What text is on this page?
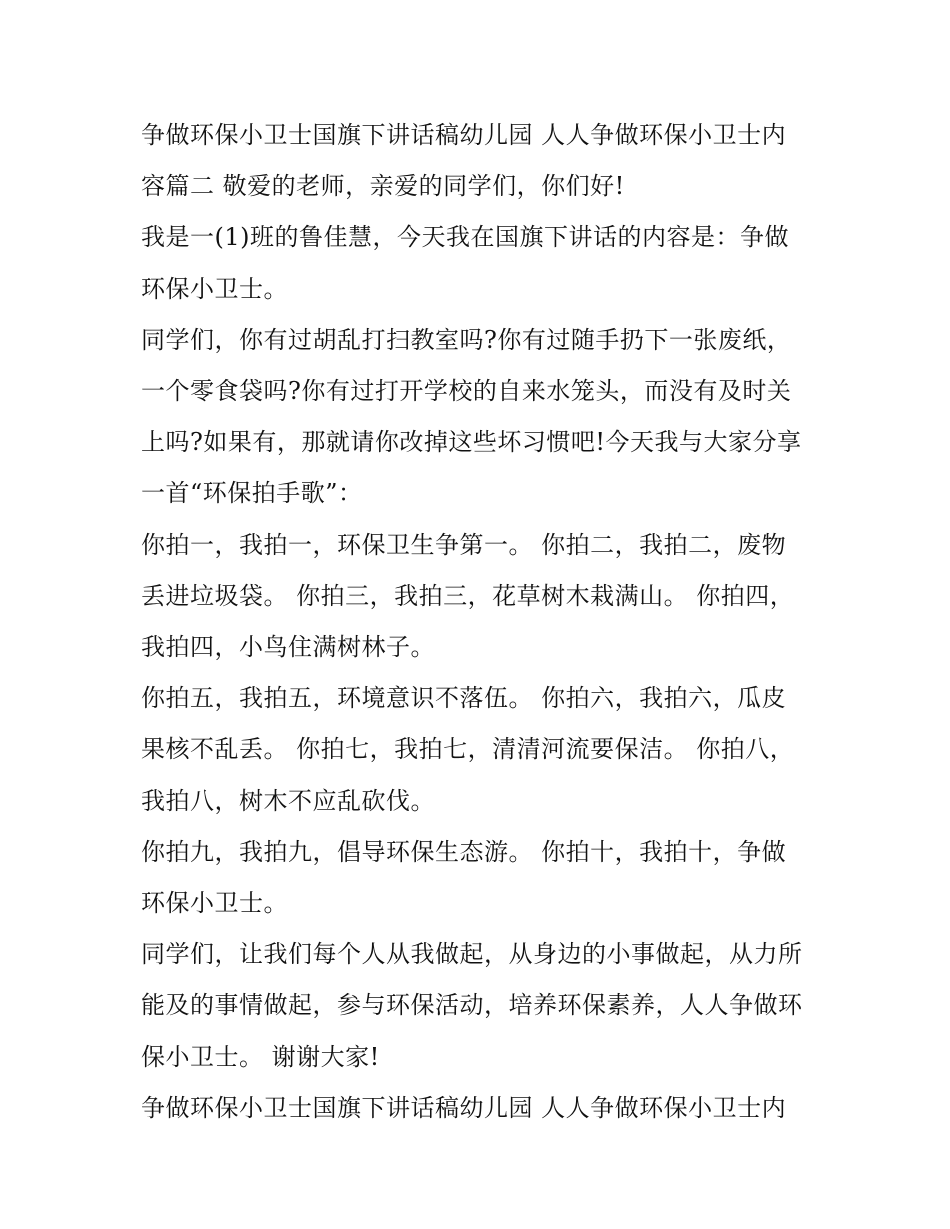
争做环保小卫士国旗下讲话稿幼儿园 人人争做环保小卫士内
容篇二 敬爱的老师，亲爱的同学们，你们好!

我是一(1)班的鲁佳慧，今天我在国旗下讲话的内容是：争做
环保小卫士。

同学们，你有过胡乱打扫教室吗?你有过随手扔下一张废纸，
一个零食袋吗?你有过打开学校的自来水笼头，而没有及时关
上吗?如果有，那就请你改掉这些坏习惯吧!今天我与大家分享
一首“环保拍手歌”：

你拍一，我拍一，环保卫生争第一。 你拍二，我拍二，废物
丢进垃圾袋。 你拍三，我拍三，花草树木栽满山。 你拍四，
我拍四，小鸟住满树林子。

你拍五，我拍五，环境意识不落伍。 你拍六，我拍六，瓜皮
果核不乱丢。 你拍七，我拍七，清清河流要保洁。 你拍八，
我拍八，树木不应乱砍伐。

你拍九，我拍九，倡导环保生态游。 你拍十，我拍十，争做
环保小卫士。

同学们，让我们每个人从我做起，从身边的小事做起，从力所
能及的事情做起，参与环保活动，培养环保素养，人人争做环
保小卫士。 谢谢大家!

争做环保小卫士国旗下讲话稿幼儿园 人人争做环保小卫士内
